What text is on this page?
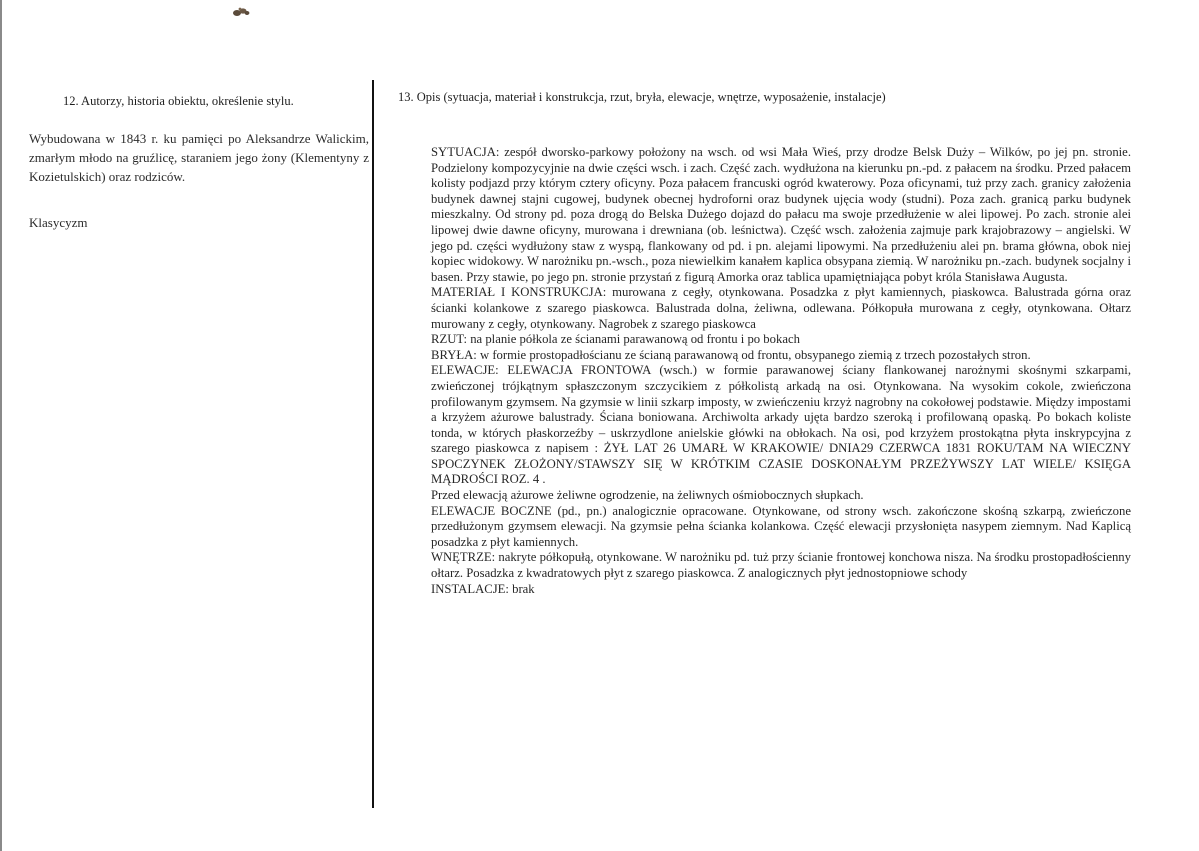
12. Autorzy, historia obiektu, określenie stylu.	13. Opis (sytuacja, materiał i konstrukcja, rzut, bryła, elewacje, wnętrze, wyposażenie, instalacje)

Wybudowana w 1843 r. ku pamięci po Aleksandrze Walickim, zmarłym młodo na gruźlicę, staraniem jego żony (Klementyny z Kozietulskich) oraz rodziców.

Klasycyzm

SYTUACJA: zespół dworsko-parkowy położony na wsch. od wsi Mała Wieś, przy drodze Belsk Duży – Wilków, po jej pn. stronie. Podzielony kompozycyjnie na dwie części wsch. i zach. Część zach. wydłużona na kierunku pn.-pd. z pałacem na środku. Przed pałacem kolisty podjazd przy którym cztery oficyny. Poza pałacem francuski ogród kwaterowy. Poza oficynami, tuż przy zach. granicy założenia budynek dawnej stajni cugowej, budynek obecnej hydroforni oraz budynek ujęcia wody (studni). Poza zach. granicą parku budynek mieszkalny. Od strony pd. poza drogą do Belska Dużego dojazd do pałacu ma swoje przedłużenie w alei lipowej. Po zach. stronie alei lipowej dwie dawne oficyny, murowana i drewniana (ob. leśnictwa). Część wsch. założenia zajmuje park krajobrazowy – angielski. W jego pd. części wydłużony staw z wyspą, flankowany od pd. i pn. alejami lipowymi. Na przedłużeniu alei pn. brama główna, obok niej kopiec widokowy. W narożniku pn.-wsch., poza niewielkim kanałem kaplica obsypana ziemią. W narożniku pn.-zach. budynek socjalny i basen. Przy stawie, po jego pn. stronie przystań z figurą Amorka oraz tablica upamiętniająca pobyt króla Stanisława Augusta.

MATERIAŁ I KONSTRUKCJA: murowana z cegły, otynkowana. Posadzka z płyt kamiennych, piaskowca. Balustrada górna oraz ścianki kolankowe z szarego piaskowca. Balustrada dolna, żeliwna, odlewana. Półkopuła murowana z cegły, otynkowana. Ołtarz murowany z cegły, otynkowany. Nagrobek z szarego piaskowca

RZUT: na planie półkola ze ścianami parawanową od frontu i po bokach

BRYŁA: w formie prostopadłościanu ze ścianą parawanową od frontu, obsypanego ziemią z trzech pozostałych stron.

ELEWACJE: ELEWACJA FRONTOWA (wsch.) w formie parawanowej ściany flankowanej narożnymi skośnymi szkarpami, zwieńczonej trójkątnym spłaszczonym szczycikiem z półkolistą arkadą na osi. Otynkowana. Na wysokim cokole, zwieńczona profilowanym gzymsem. Na gzymsie w linii szkarp imposty, w zwieńczeniu krzyż nagrobny na cokołowej podstawie. Między impostami a krzyżem ażurowe balustrady. Ściana boniowana. Archiwolta arkady ujęta bardzo szeroką i profilowaną opaską. Po bokach koliste tonda, w których płaskorzeźby – uskrzydlone anielskie główki na obłokach. Na osi, pod krzyżem prostokątna płyta inskrypcyjna z szarego piaskowca z napisem : ŻYŁ LAT 26 UMARŁ W KRAKOWIE/ DNIA29 CZERWCA 1831 ROKU/TAM NA WIECZNY SPOCZYNEK ZŁOŻONY/STAWSZY SIĘ W KRÓTKIM CZASIE DOSKONAŁYM PRZEŻYWSZY LAT WIELE/ KSIĘGA MĄDROŚCI ROZ. 4 .

Przed elewacją ażurowe żeliwne ogrodzenie, na żeliwnych ośmiobocznych słupkach.

ELEWACJE BOCZNE (pd., pn.) analogicznie opracowane. Otynkowane, od strony wsch. zakończone skośną szkarpą, zwieńczone przedłużonym gzymsem elewacji. Na gzymsie pełna ścianka kolankowa. Część elewacji przysłonięta nasypem ziemnym. Nad Kaplicą posadzka z płyt kamiennych.

WNĘTRZE: nakryte półkopułą, otynkowane. W narożniku pd. tuż przy ścianie frontowej konchowa nisza. Na środku prostopadłościenny ołtarz. Posadzka z kwadratowych płyt z szarego piaskowca. Z analogicznych płyt jednostopniowe schody

INSTALACJE: brak
